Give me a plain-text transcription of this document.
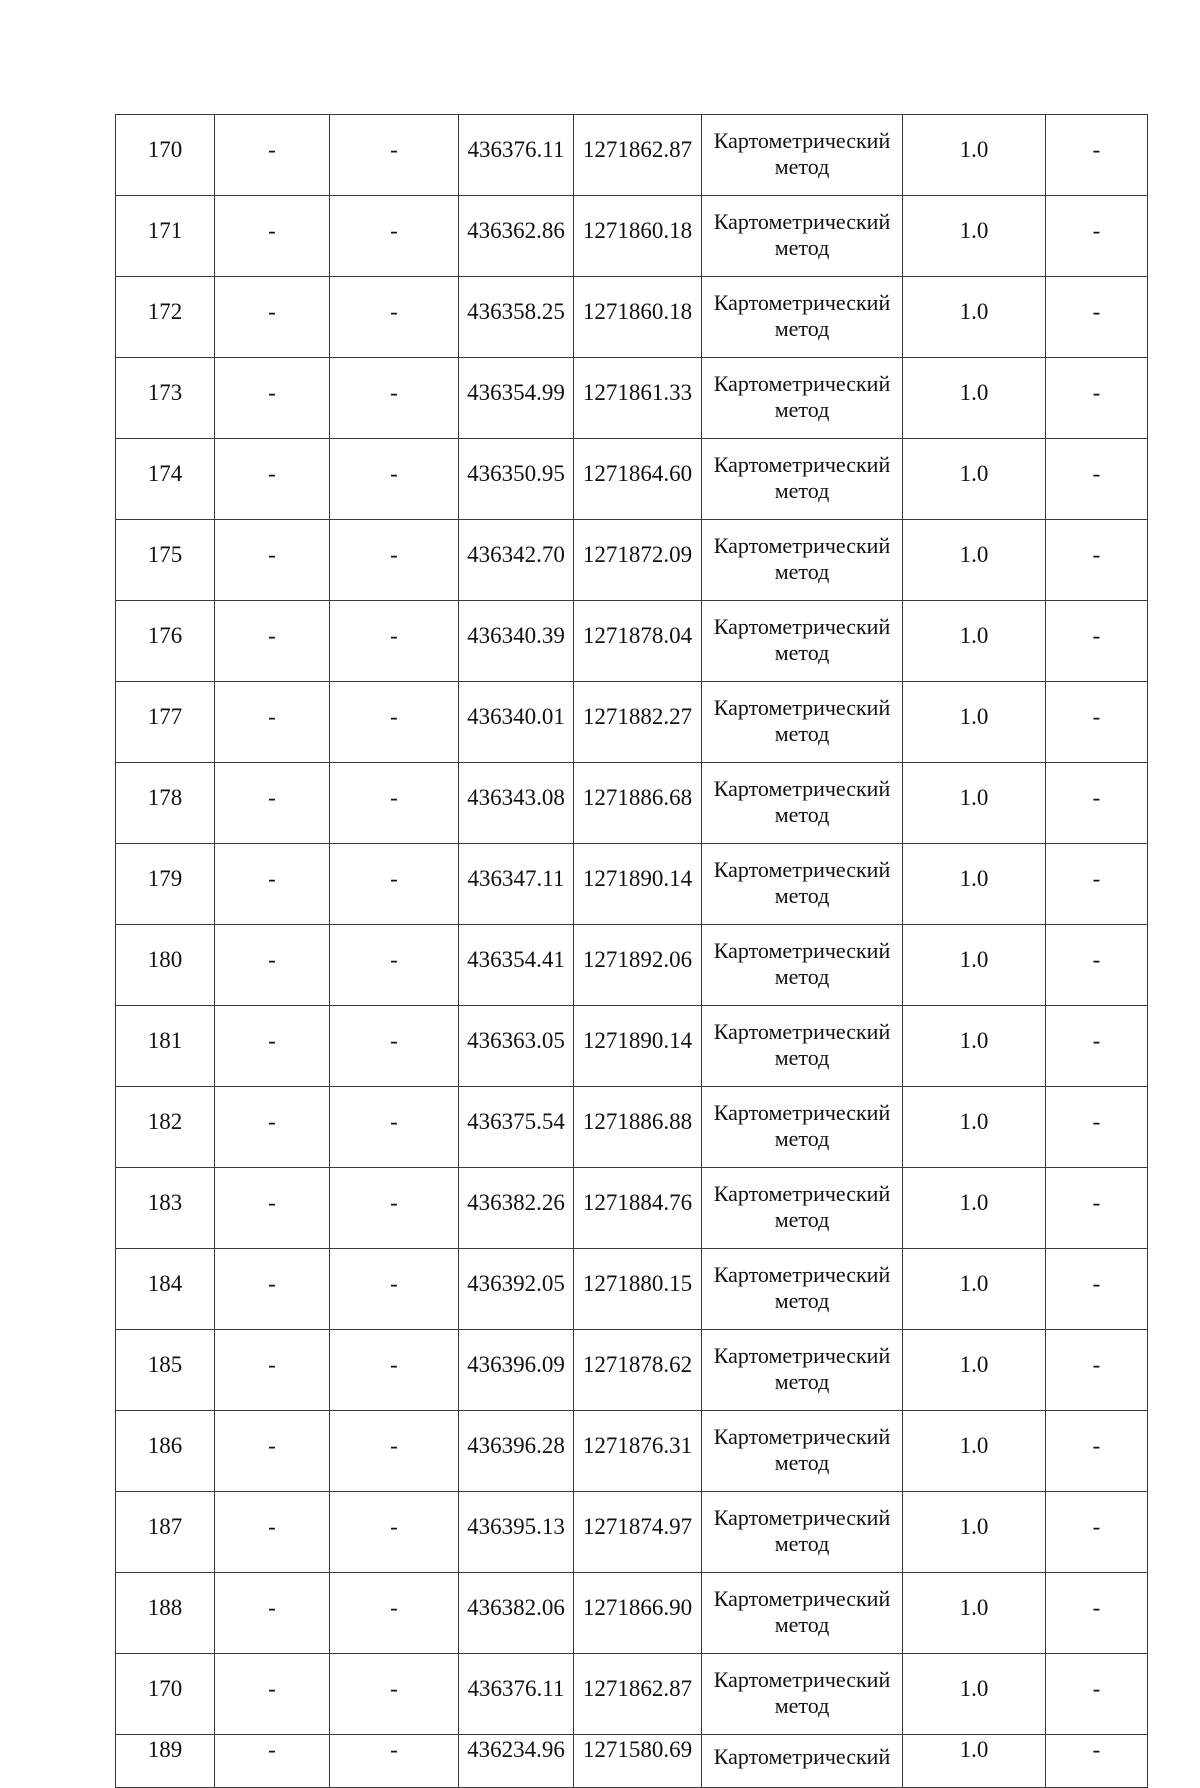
170	-	-	436376.11	1271862.87	Картометрический
метод	1.0	-
171	-	-	436362.86	1271860.18	Картометрический
метод	1.0	-
172	-	-	436358.25	1271860.18	Картометрический
метод	1.0	-
173	-	-	436354.99	1271861.33	Картометрический
метод	1.0	-
174	-	-	436350.95	1271864.60	Картометрический
метод	1.0	-
175	-	-	436342.70	1271872.09	Картометрический
метод	1.0	-
176	-	-	436340.39	1271878.04	Картометрический
метод	1.0	-
177	-	-	436340.01	1271882.27	Картометрический
метод	1.0	-
178	-	-	436343.08	1271886.68	Картометрический
метод	1.0	-
179	-	-	436347.11	1271890.14	Картометрический
метод	1.0	-
180	-	-	436354.41	1271892.06	Картометрический
метод	1.0	-
181	-	-	436363.05	1271890.14	Картометрический
метод	1.0	-
182	-	-	436375.54	1271886.88	Картометрический
метод	1.0	-
183	-	-	436382.26	1271884.76	Картометрический
метод	1.0	-
184	-	-	436392.05	1271880.15	Картометрический
метод	1.0	-
185	-	-	436396.09	1271878.62	Картометрический
метод	1.0	-
186	-	-	436396.28	1271876.31	Картометрический
метод	1.0	-
187	-	-	436395.13	1271874.97	Картометрический
метод	1.0	-
188	-	-	436382.06	1271866.90	Картометрический
метод	1.0	-
170	-	-	436376.11	1271862.87	Картометрический
метод	1.0	-
189	-	-	436234.96	1271580.69	Картометрический	1.0	-
